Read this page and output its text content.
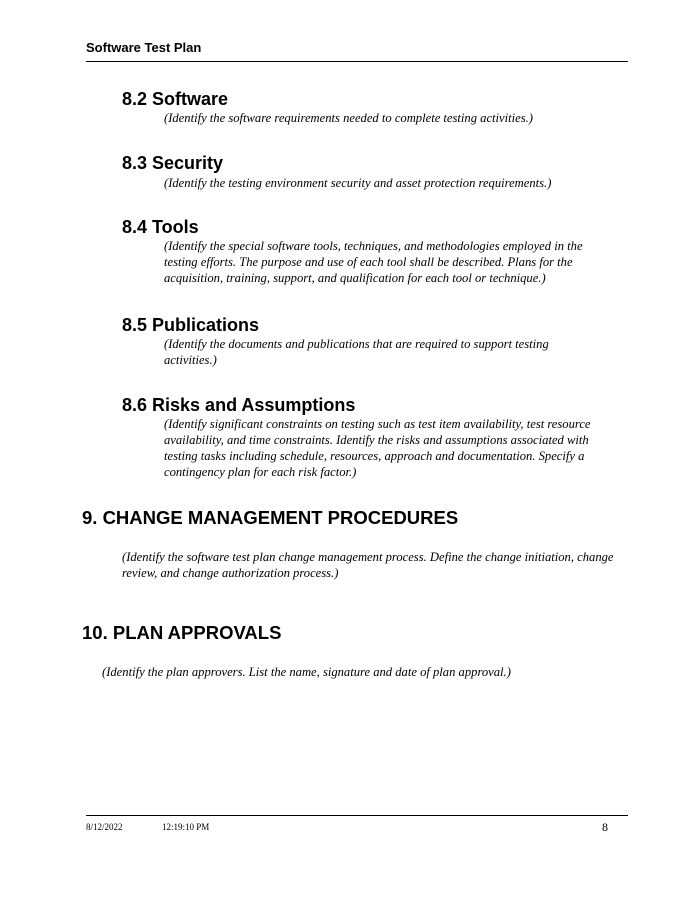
Software Test Plan
8.2 Software
(Identify the software requirements needed to complete testing activities.)
8.3 Security
(Identify the testing environment security and asset protection requirements.)
8.4 Tools
(Identify the special software tools, techniques, and methodologies employed in the testing efforts. The purpose and use of each tool shall be described. Plans for the acquisition, training, support, and qualification for each tool or technique.)
8.5 Publications
(Identify the documents and publications that are required to support testing activities.)
8.6 Risks and Assumptions
(Identify significant constraints on testing such as test item availability, test resource availability, and time constraints. Identify the risks and assumptions associated with testing tasks including schedule, resources, approach and documentation. Specify a contingency plan for each risk factor.)
9. CHANGE MANAGEMENT PROCEDURES
(Identify the software test plan change management process. Define the change initiation, change review, and change authorization process.)
10. PLAN APPROVALS
(Identify the plan approvers. List the name, signature and date of plan approval.)
8/12/2022	12:19:10 PM	8
